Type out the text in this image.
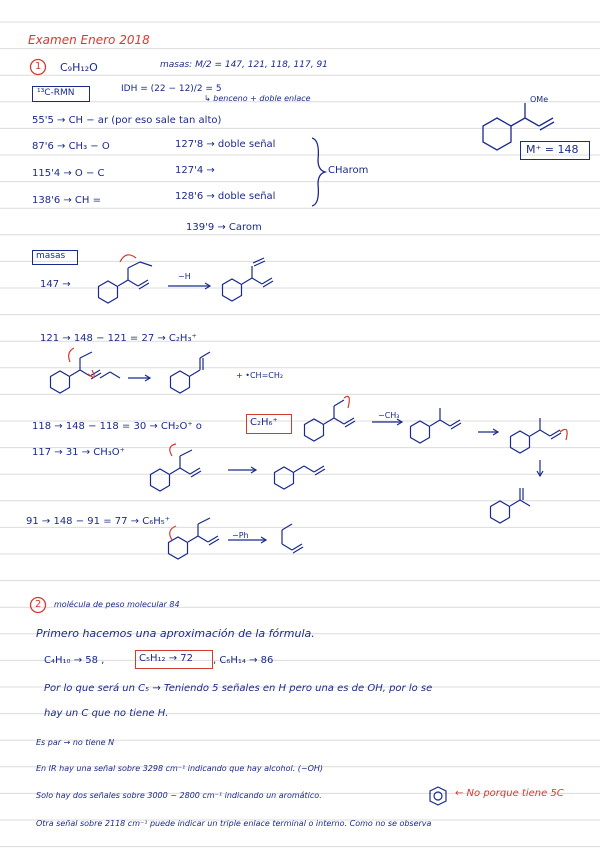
Examen Enero 2018
1 C₉H₁₂O	masas: M/2 = 147, 121, 118, 117, 91
¹³C-RMN	IDH = (22 − 12)/2 = 5
↳ benceno + doble enlace	OMe
M⁺ = 148
55'5 → CH − ar (por eso sale tan alto)
87'6 → CH₃ − O
115'4 → O − C
138'6 → CH =
127'8 → doble señal
127'4 →
128'6 → doble señal
139'9 → Carom
CHarom
masas
147 →
−H
121 → 148 − 121 = 27 → C₂H₃⁺
+ •CH=CH₂
118 → 148 − 118 = 30 → CH₂O⁺ o	C₂H₆⁺
−CH₃
117 → 31 → CH₃O⁺
91 → 148 − 91 = 77 → C₆H₅⁺
−Ph
2 molécula de peso molecular 84
Primero hacemos una aproximación de la fórmula.
C₄H₁₀ → 58 ,	C₅H₁₂ → 72 , C₆H₁₄ → 86
Por lo que será un C₅ → Teniendo 5 señales en H pero una es de OH, por lo se
hay un C que no tiene H.
Es par → no tiene N
En IR hay una señal sobre 3298 cm⁻¹ indicando que hay alcohol. (−OH)
Solo hay dos señales sobre 3000 − 2800 cm⁻¹ indicando un aromático.	← No porque tiene 5C
Otra señal sobre 2118 cm⁻¹ puede indicar un triple enlace terminal o interno. Como no se observa
